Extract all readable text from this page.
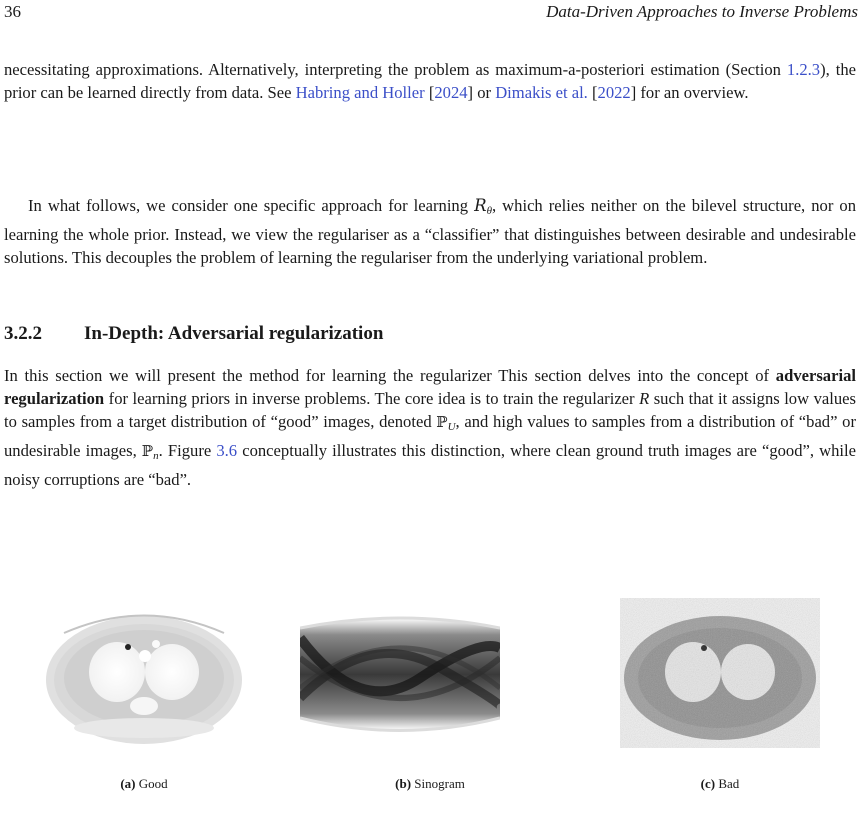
36	Data-Driven Approaches to Inverse Problems

necessitating approximations. Alternatively, interpreting the problem as maximum-a-posteriori estimation (Section 1.2.3), the prior can be learned directly from data. See Habring and Holler [2024] or Dimakis et al. [2022] for an overview.

In what follows, we consider one specific approach for learning $R_\theta$, which relies neither on the bilevel structure, nor on learning the whole prior. Instead, we view the regulariser as a “classifier” that distinguishes between desirable and undesirable solutions. This decouples the problem of learning the regulariser from the underlying variational problem.

3.2.2 In-Depth: Adversarial regularization

In this section we will present the method for learning the regularizer This section delves into the concept of adversarial regularization for learning priors in inverse problems. The core idea is to train the regularizer R such that it assigns low values to samples from a target distribution of “good” images, denoted ℙ$_U$, and high values to samples from a distribution of “bad” or undesirable images, ℙ$_n$. Figure 3.6 conceptually illustrates this distinction, where clean ground truth images are “good”, while noisy corruptions are “bad”.

(a) Good	(b) Sinogram	(c) Bad
